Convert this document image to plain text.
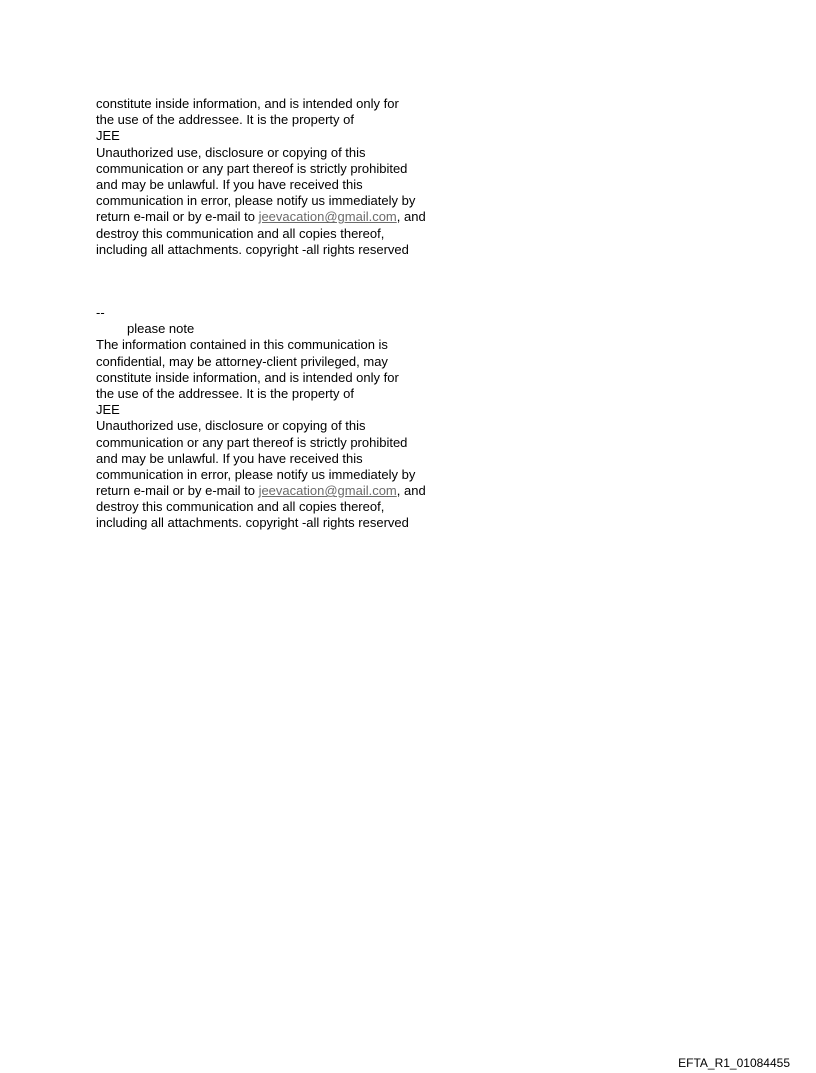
constitute inside information, and is intended only for
the use of the addressee. It is the property of
JEE
Unauthorized use, disclosure or copying of this
communication or any part thereof is strictly prohibited
and may be unlawful. If you have received this
communication in error, please notify us immediately by
return e-mail or by e-mail to jeevacation@gmail.com, and
destroy this communication and all copies thereof,
including all attachments. copyright -all rights reserved
--
please note
The information contained in this communication is
confidential, may be attorney-client privileged, may
constitute inside information, and is intended only for
the use of the addressee. It is the property of
JEE
Unauthorized use, disclosure or copying of this
communication or any part thereof is strictly prohibited
and may be unlawful. If you have received this
communication in error, please notify us immediately by
return e-mail or by e-mail to jeevacation@gmail.com, and
destroy this communication and all copies thereof,
including all attachments. copyright -all rights reserved
EFTA_R1_01084455
